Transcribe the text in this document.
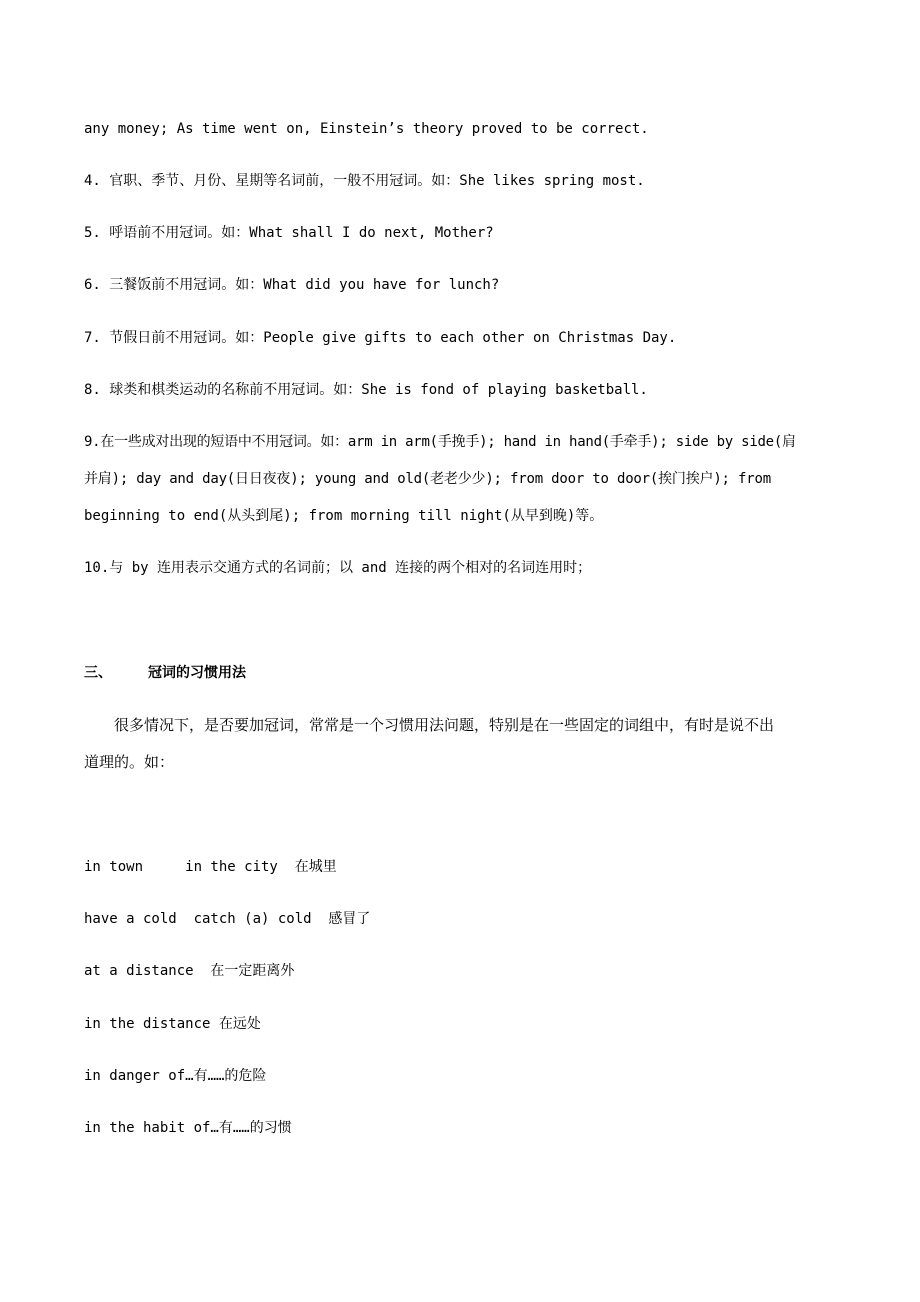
any money; As time went on, Einstein’s theory proved to be correct.
4. 官职、季节、月份、星期等名词前，一般不用冠词。如：She likes spring most.
5. 呼语前不用冠词。如：What shall I do next, Mother?
6. 三餐饭前不用冠词。如：What did you have for lunch?
7. 节假日前不用冠词。如：People give gifts to each other on Christmas Day.
8. 球类和棋类运动的名称前不用冠词。如：She is fond of playing basketball.
9.在一些成对出现的短语中不用冠词。如：arm in arm(手挽手); hand in hand(手牵手); side by side(肩
并肩); day and day(日日夜夜); young and old(老老少少); from door to door(挨门挨户); from
beginning to end(从头到尾); from morning till night(从早到晚)等。
10.与 by 连用表示交通方式的名词前；以 and 连接的两个相对的名词连用时；
三、	冠词的习惯用法
　　很多情况下，是否要加冠词，常常是一个习惯用法问题，特别是在一些固定的词组中，有时是说不出
道理的。如：
in town     in the city  在城里
have a cold  catch (a) cold  感冒了
at a distance  在一定距离外
in the distance 在远处
in danger of…有……的危险
in the habit of…有……的习惯
